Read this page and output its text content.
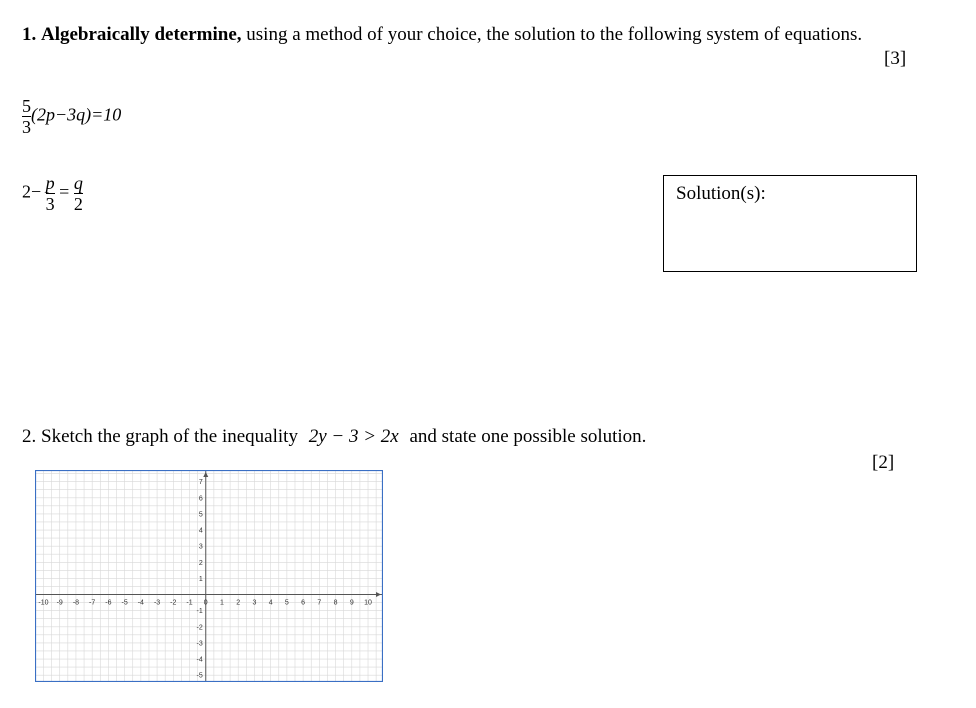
1. Algebraically determine, using a method of your choice, the solution to the following system of equations.
[3]
$\frac{5}{3} (2p-3q)=10$
$2- \frac{p}{3} = \frac{q}{2}$	Solution(s):
2. Sketch the graph of the inequality 2y − 3 > 2x and state one possible solution.
[2]
-10 -9 -8 -7 -6 -5 -4 -3 -2 -1 0 1 2 3 4 5 6 7 8 9 10
7
6
5
4
3
2
1
-1
-2
-3
-4
-5
